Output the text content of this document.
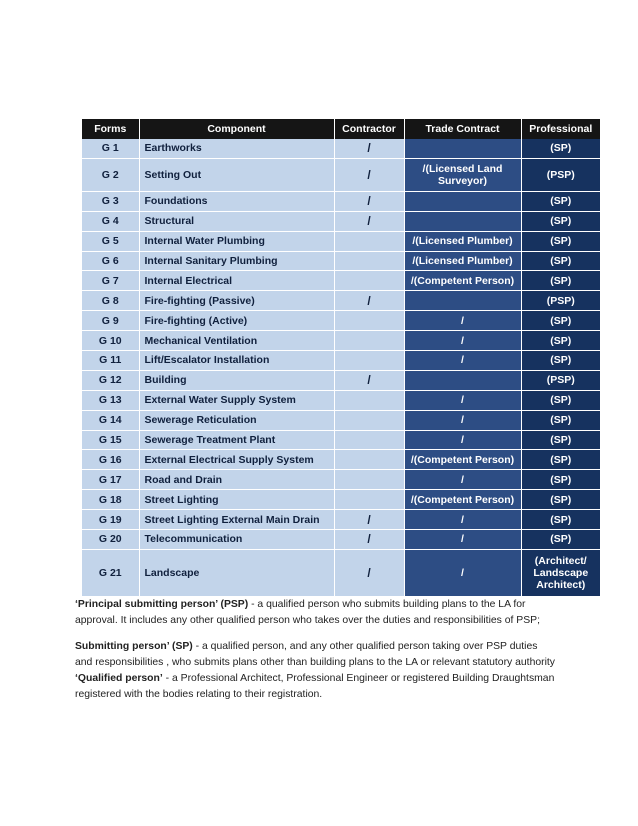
Forms	Component	Contractor	Trade Contract	Professional
G 1	Earthworks	/		(SP)
G 2	Setting Out	/	/(Licensed Land Surveyor)	(PSP)
G 3	Foundations	/		(SP)
G 4	Structural	/		(SP)
G 5	Internal Water Plumbing		/(Licensed Plumber)	(SP)
G 6	Internal Sanitary Plumbing		/(Licensed Plumber)	(SP)
G 7	Internal Electrical		/(Competent Person)	(SP)
G 8	Fire-fighting (Passive)	/		(PSP)
G 9	Fire-fighting (Active)		/	(SP)
G 10	Mechanical Ventilation		/	(SP)
G 11	Lift/Escalator Installation		/	(SP)
G 12	Building	/		(PSP)
G 13	External Water Supply System		/	(SP)
G 14	Sewerage Reticulation		/	(SP)
G 15	Sewerage Treatment Plant		/	(SP)
G 16	External Electrical Supply System		/(Competent Person)	(SP)
G 17	Road and Drain		/	(SP)
G 18	Street Lighting		/(Competent Person)	(SP)
G 19	Street Lighting External Main Drain	/	/	(SP)
G 20	Telecommunication	/	/	(SP)
G 21	Landscape	/	/	(Architect/ Landscape Architect)

‘Principal submitting person’ (PSP) - a qualified person who submits building plans to the LA for approval. It includes any other qualified person who takes over the duties and responsibilities of PSP;

Submitting person’ (SP) - a qualified person, and any other qualified person taking over PSP duties and responsibilities , who submits plans other than building plans to the LA or relevant statutory authority

‘Qualified person’ - a Professional Architect, Professional Engineer or registered Building Draughtsman registered with the bodies relating to their registration.
